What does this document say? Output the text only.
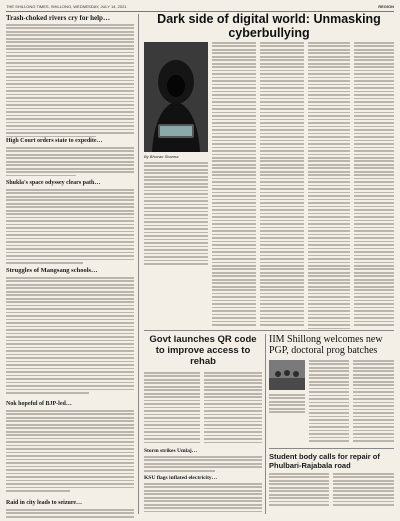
THE SHILLONG TIMES, SHILLONG, WEDNESDAY, JULY 14, 2021	REGION
Trash-choked rivers cry for help…
High Court orders state to expedite…
Shukla's space odyssey clears path…
Struggles of Mangsang schools…
Nok hopeful of BJP-led…
Raid in city leads to seizure…
Dark side of digital world: Unmasking cyberbullying
By Bhuvan Sharma
Govt launches QR code to improve access to rehab
Storm strikes Umlaj…
KSU flags inflated electricity…
IIM Shillong welcomes new PGP, doctoral prog batches
Student body calls for repair of Phulbari-Rajabala road
